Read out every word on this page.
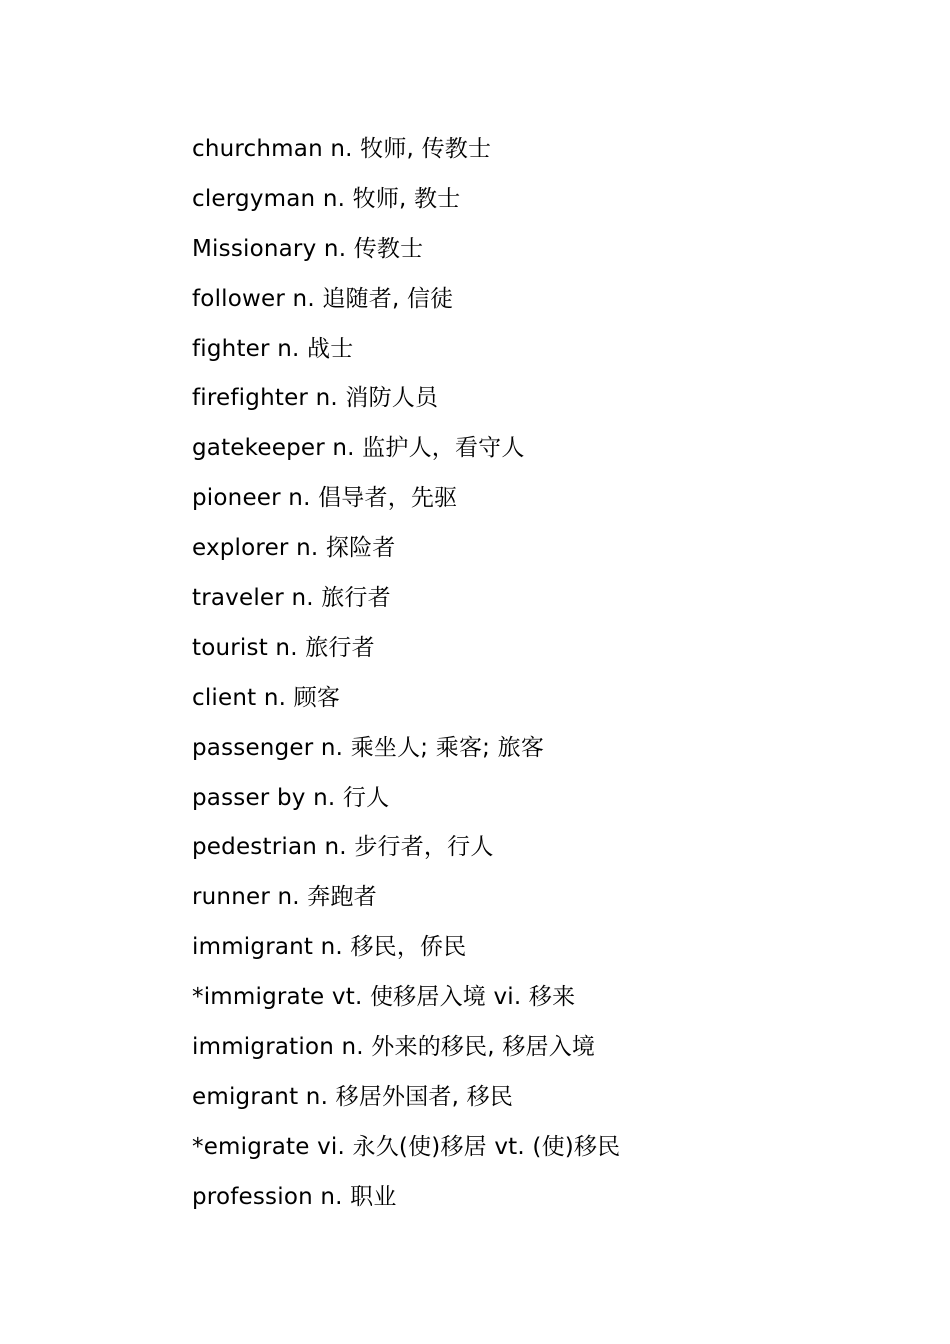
churchman n. 牧师, 传教士
clergyman n. 牧师, 教士
Missionary n. 传教士
follower n. 追随者, 信徒
fighter n. 战士
firefighter n. 消防人员
gatekeeper n. 监护人，看守人
pioneer n. 倡导者，先驱
explorer n. 探险者
traveler n. 旅行者
tourist n. 旅行者
client n. 顾客
passenger n. 乘坐人; 乘客; 旅客
passer by n. 行人
pedestrian n. 步行者，行人
runner n. 奔跑者
immigrant n. 移民，侨民
*immigrate vt. 使移居入境 vi. 移来
immigration n. 外来的移民, 移居入境
emigrant n. 移居外国者, 移民
*emigrate vi. 永久(使)移居 vt. (使)移民
profession n. 职业
